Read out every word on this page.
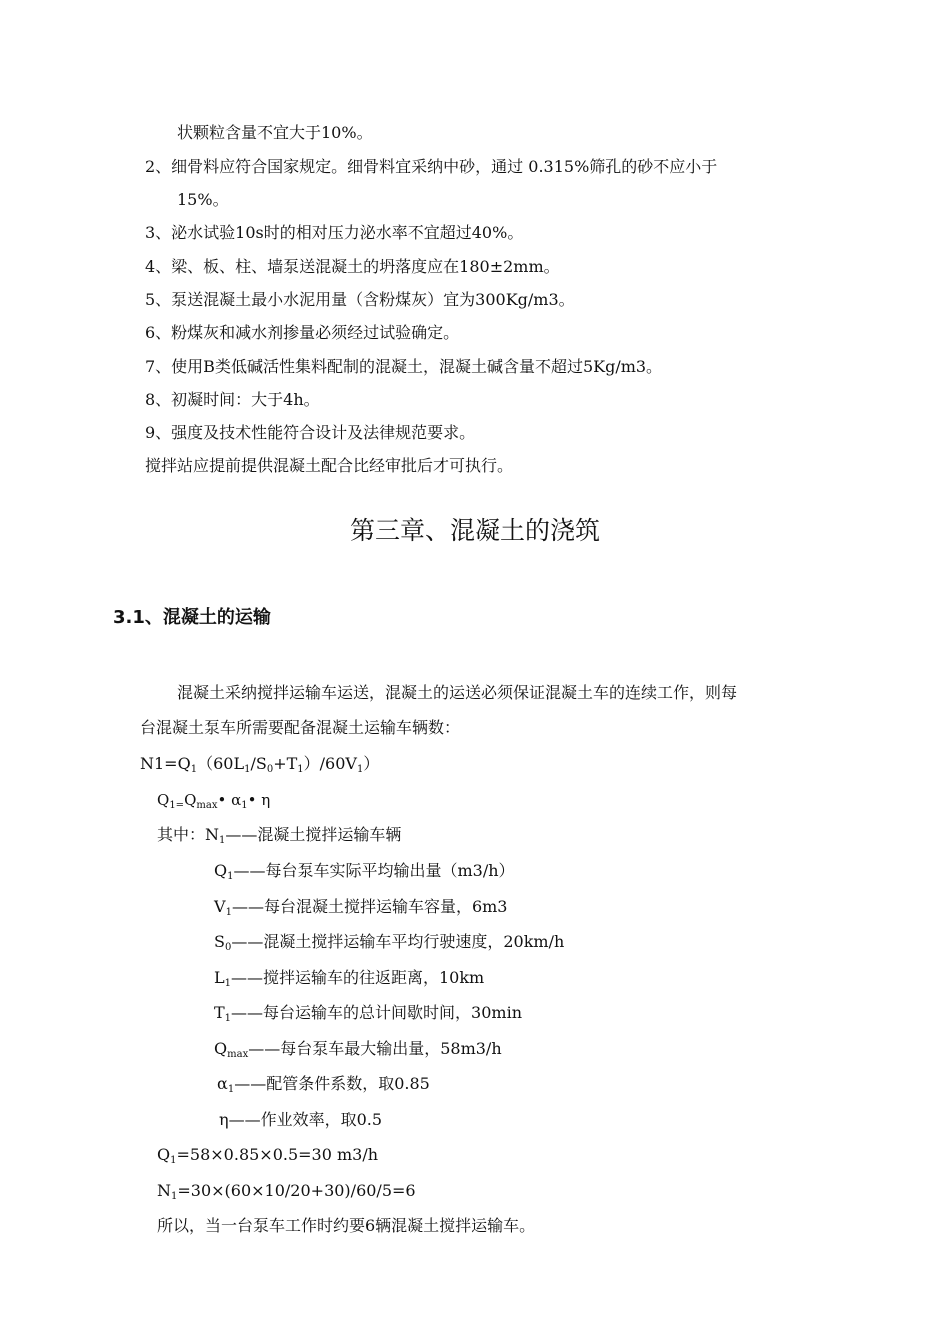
状颗粒含量不宜大于10%。
2、细骨料应符合国家规定。细骨料宜采纳中砂，通过 0.315%筛孔的砂不应小于
15%。
3、泌水试验10s时的相对压力泌水率不宜超过40%。
4、梁、板、柱、墙泵送混凝土的坍落度应在180±2mm。
5、泵送混凝土最小水泥用量（含粉煤灰）宜为300Kg/m3。
6、粉煤灰和减水剂掺量必须经过试验确定。
7、使用B类低碱活性集料配制的混凝土，混凝土碱含量不超过5Kg/m3。
8、初凝时间：大于4h。
9、强度及技术性能符合设计及法律规范要求。
搅拌站应提前提供混凝土配合比经审批后才可执行。
第三章、混凝土的浇筑
3.1、混凝土的运输
混凝土采纳搅拌运输车运送，混凝土的运送必须保证混凝土车的连续工作，则每
台混凝土泵车所需要配备混凝土运输车辆数：
$N1=Q_1(60L_1/S_0+T_1)/60V_1$）
$Q_{1=}Q_{max}•$ $\alpha_1•$ η
其中：$N_1——$混凝土搅拌运输车辆
$Q_1——$每台泵车实际平均输出量（m3/h）
$V_1——$每台混凝土搅拌运输车容量，6m3
$S_0——$混凝土搅拌运输车平均行驶速度，20km/h
$L_1——$搅拌运输车的往返距离，10km
$T_1——$每台运输车的总计间歇时间，30min
$Q_{max}——$每台泵车最大输出量，58m3/h
$\alpha_1——$配管条件系数，取0.85
η——作业效率，取0.5
$Q_1=58\times 0.85\times 0.5=30$ m3/h
$N_1=30\times(60\times 10/20+30)/60/5=6$
所以，当一台泵车工作时约要6辆混凝土搅拌运输车。
